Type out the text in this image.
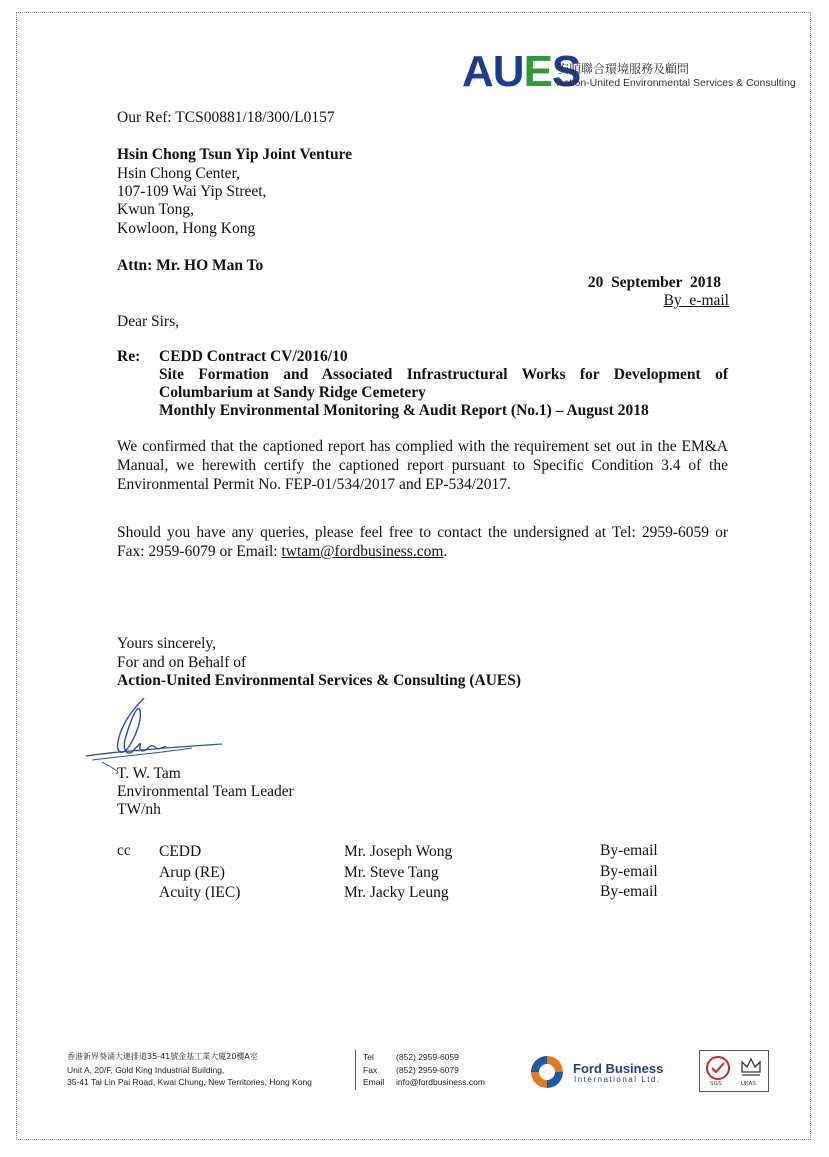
AUES
安順聯合環境服務及顧問
Action-United Environmental Services & Consulting
Our Ref: TCS00881/18/300/L0157
Hsin Chong Tsun Yip Joint Venture
Hsin Chong Center,
107-109 Wai Yip Street,
Kwun Tong,
Kowloon, Hong Kong
Attn: Mr. HO Man To
20  September  2018
By  e-mail
Dear Sirs,
Re: CEDD Contract CV/2016/10
Site Formation and Associated Infrastructural Works for Development of
Columbarium at Sandy Ridge Cemetery
Monthly Environmental Monitoring & Audit Report (No.1) – August 2018
We confirmed that the captioned report has complied with the requirement set out in the EM&A
Manual, we herewith certify the captioned report pursuant to Specific Condition 3.4 of the
Environmental Permit No. FEP-01/534/2017 and EP-534/2017.
Should you have any queries, please feel free to contact the undersigned at Tel: 2959-6059 or
Fax: 2959-6079 or Email: twtam@fordbusiness.com.
Yours sincerely,
For and on Behalf of
Action-United Environmental Services & Consulting (AUES)
T. W. Tam
Environmental Team Leader
TW/nh
cc CEDD	Mr. Joseph Wong	By-email
Arup (RE)	Mr. Steve Tang	By-email
Acuity (IEC)	Mr. Jacky Leung	By-email
香港新界葵涌大連排道35-41號金基工業大廈20樓A室
Unit A, 20/F, Gold King Industrial Building,
35-41 Tai Lin Pai Road, Kwai Chung, New Territories, Hong Kong
Tel	(852) 2959-6059
Fax (852) 2959-6079
Email info@fordbusiness.com
Ford Business
International Ltd.	SGS	UKAS
